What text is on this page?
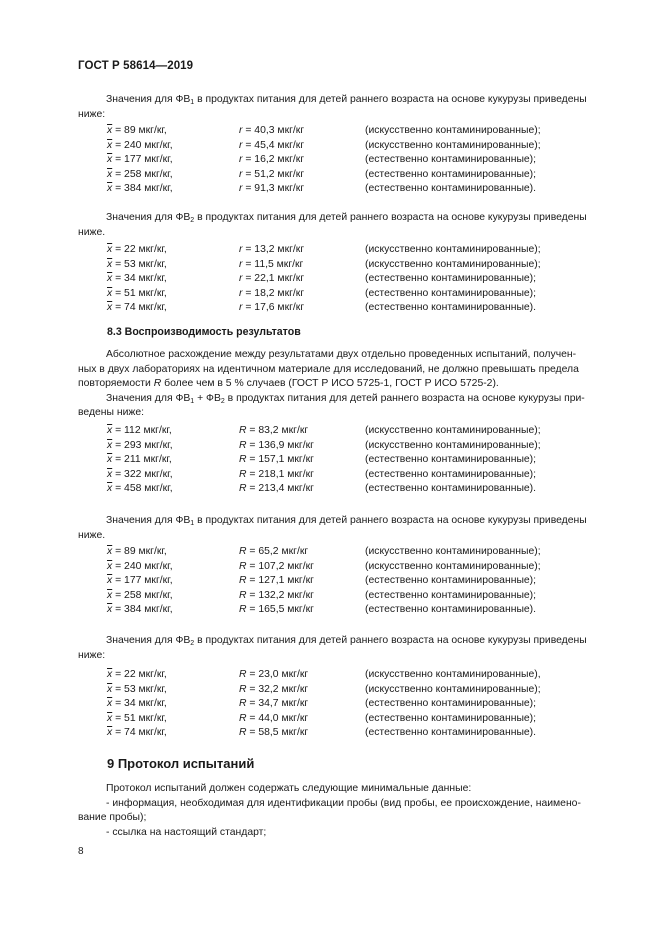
ГОСТ Р 58614—2019
Значения для $ФВ_1$ в продуктах питания для детей раннего возраста на основе кукурузы приведены
ниже:
$\overline{x} = 89$ мкг/кг,	r = 40,3 мкг/кг	(искусственно контаминированные);
$\overline{x} = 240$ мкг/кг,	r = 45,4 мкг/кг	(искусственно контаминированные);
$\overline{x} = 177$ мкг/кг,	r = 16,2 мкг/кг	(естественно контаминированные);
$\overline{x} = 258$ мкг/кг,	r = 51,2 мкг/кг	(естественно контаминированные);
$\overline{x} = 384$ мкг/кг,	r = 91,3 мкг/кг	(естественно контаминированные).
Значения для $ФВ_2$ в продуктах питания для детей раннего возраста на основе кукурузы приведены
ниже.
$\overline{x} = 22$ мкг/кг,	r = 13,2 мкг/кг	(искусственно контаминированные);
$\overline{x} = 53$ мкг/кг,	r = 11,5 мкг/кг	(искусственно контаминированные);
$\overline{x} = 34$ мкг/кг,	r = 22,1 мкг/кг	(естественно контаминированные);
$\overline{x} = 51$ мкг/кг,	r = 18,2 мкг/кг	(естественно контаминированные);
$\overline{x} = 74$ мкг/кг,	r = 17,6 мкг/кг	(естественно контаминированные).
8.3 Воспроизводимость результатов
Абсолютное расхождение между результатами двух отдельно проведенных испытаний, получен-
ных в двух лабораториях на идентичном материале для исследований, не должно превышать предела
повторяемости R более чем в 5 % случаев (ГОСТ Р ИСО 5725-1, ГОСТ Р ИСО 5725-2).
Значения для $ФВ_1 + ФВ_2$ в продуктах питания для детей раннего возраста на основе кукурузы при-
ведены ниже:
$\overline{x} = 112$ мкг/кг,	R = 83,2 мкг/кг	(искусственно контаминированные);
$\overline{x} = 293$ мкг/кг,	R = 136,9 мкг/кг	(искусственно контаминированные);
$\overline{x} = 211$ мкг/кг,	R = 157,1 мкг/кг	(естественно контаминированные);
$\overline{x} = 322$ мкг/кг,	R = 218,1 мкг/кг	(естественно контаминированные);
$\overline{x} = 458$ мкг/кг,	R = 213,4 мкг/кг	(естественно контаминированные).
Значения для $ФВ_1$ в продуктах питания для детей раннего возраста на основе кукурузы приведены
ниже.
$\overline{x} = 89$ мкг/кг,	R = 65,2 мкг/кг	(искусственно контаминированные);
$\overline{x} = 240$ мкг/кг,	R = 107,2 мкг/кг	(искусственно контаминированные);
$\overline{x} = 177$ мкг/кг,	R = 127,1 мкг/кг	(естественно контаминированные);
$\overline{x} = 258$ мкг/кг,	R = 132,2 мкг/кг	(естественно контаминированные);
$\overline{x} = 384$ мкг/кг,	R = 165,5 мкг/кг	(естественно контаминированные).
Значения для $ФВ_2$ в продуктах питания для детей раннего возраста на основе кукурузы приведены
ниже:
$\overline{x} = 22$ мкг/кг,	R = 23,0 мкг/кг	(искусственно контаминированные),
$\overline{x} = 53$ мкг/кг,	R = 32,2 мкг/кг	(искусственно контаминированные);
$\overline{x} = 34$ мкг/кг,	R = 34,7 мкг/кг	(естественно контаминированные);
$\overline{x} = 51$ мкг/кг,	R = 44,0 мкг/кг	(естественно контаминированные);
$\overline{x} = 74$ мкг/кг,	R = 58,5 мкг/кг	(естественно контаминированные).
9 Протокол испытаний
Протокол испытаний должен содержать следующие минимальные данные:
- информация, необходимая для идентификации пробы (вид пробы, ее происхождение, наимено-
вание пробы);
- ссылка на настоящий стандарт;
8
